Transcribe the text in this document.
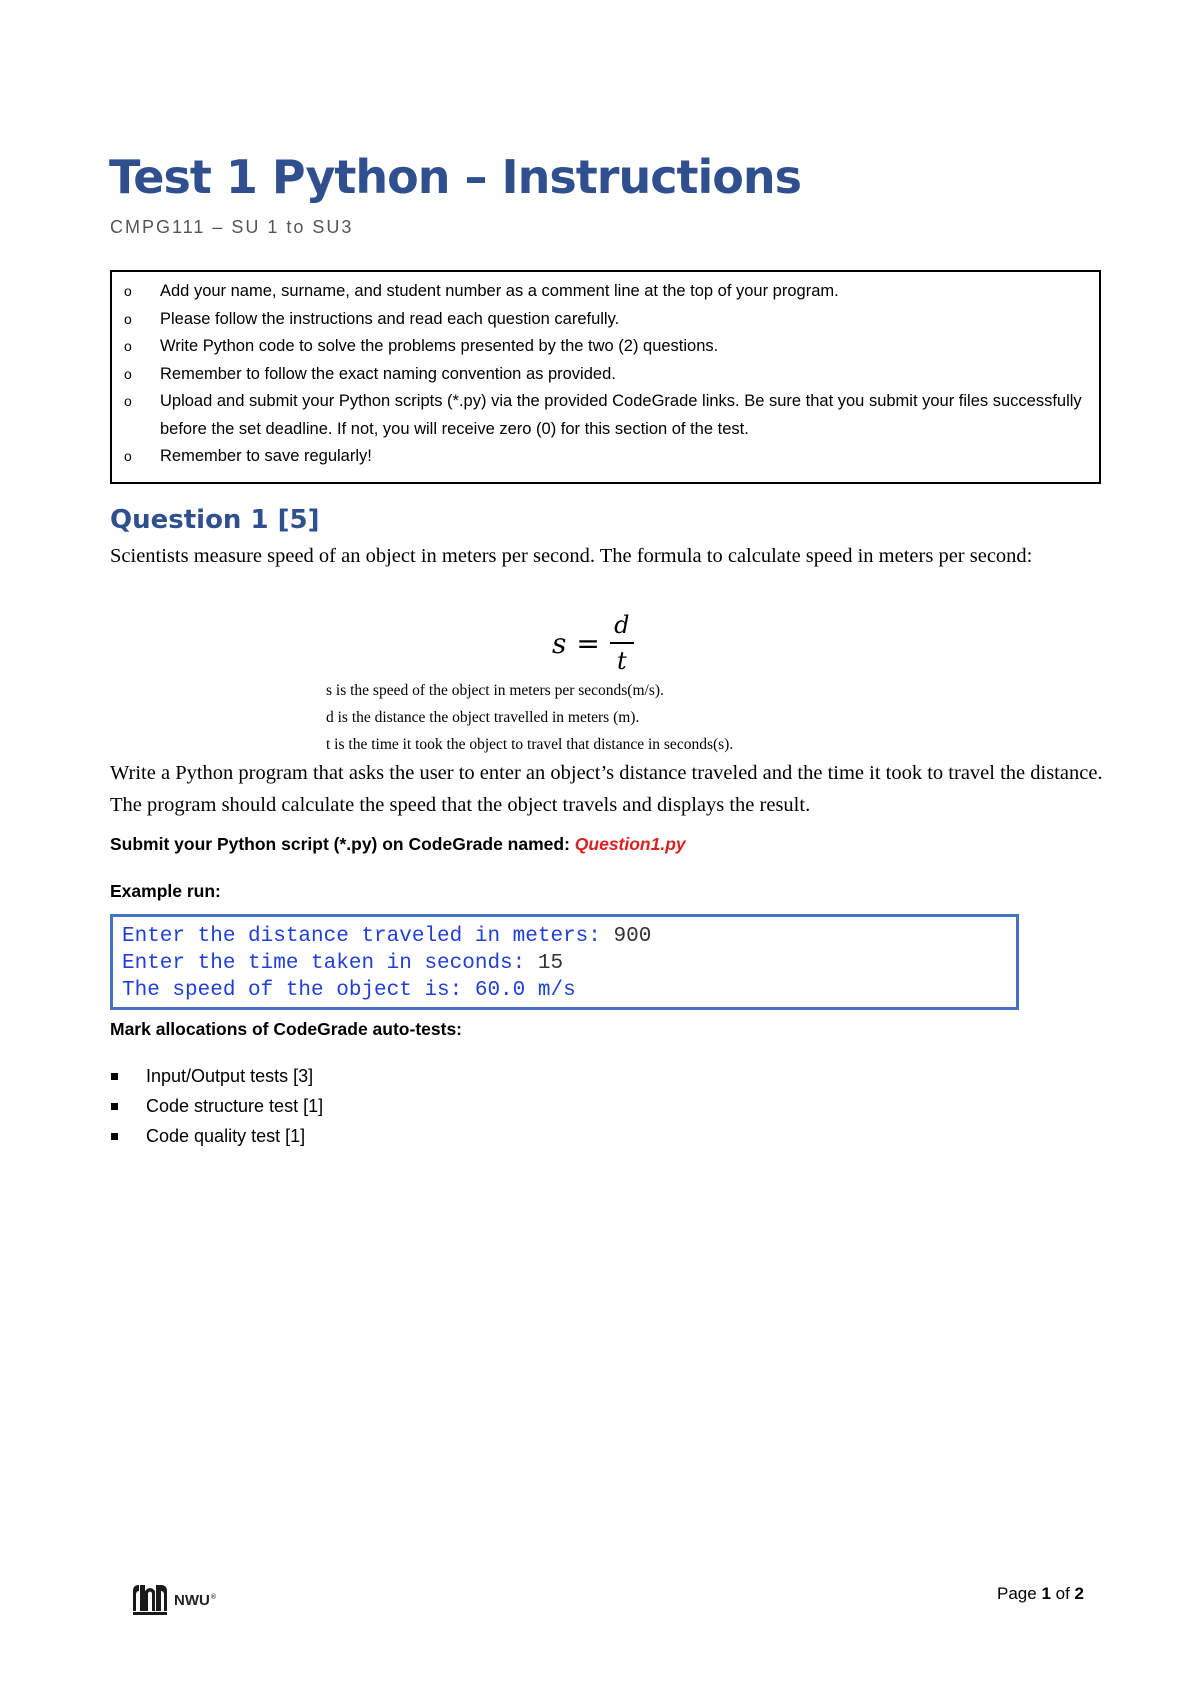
Test 1 Python – Instructions
CMPG111 – SU 1 to SU3
o	Add your name, surname, and student number as a comment line at the top of your program.
o	Please follow the instructions and read each question carefully.
o	Write Python code to solve the problems presented by the two (2) questions.
o	Remember to follow the exact naming convention as provided.
o	Upload and submit your Python scripts (*.py) via the provided CodeGrade links. Be sure that you submit your files successfully before the set deadline. If not, you will receive zero (0) for this section of the test.
o	Remember to save regularly!
Question 1 [5]

Scientists measure speed of an object in meters per second. The formula to calculate speed in meters per second:

$s = \frac{d}{t}$
s is the speed of the object in meters per seconds(m/s).
d is the distance the object travelled in meters (m).
t is the time it took the object to travel that distance in seconds(s).

Write a Python program that asks the user to enter an object’s distance traveled and the time it took to travel the distance. The program should calculate the speed that the object travels and displays the result.

Submit your Python script (*.py) on CodeGrade named: Question1.py
Example run:
Enter the distance traveled in meters: 900
Enter the time taken in seconds: 15
The speed of the object is: 60.0 m/s
Mark allocations of CodeGrade auto-tests:
Input/Output tests [3]
Code structure test [1]
Code quality test [1]
NWU®	Page 1 of 2
